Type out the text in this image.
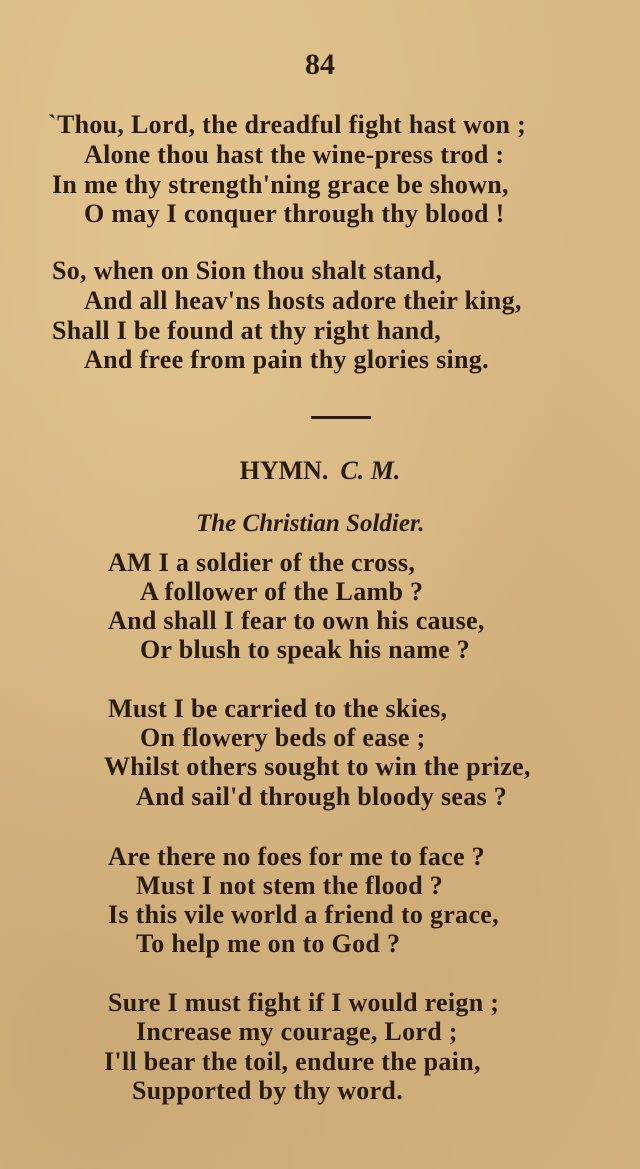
84
`Thou, Lord, the dreadful fight hast won ;
Alone thou hast the wine-press trod :
In me thy strength'ning grace be shown,
O may I conquer through thy blood !
So, when on Sion thou shalt stand,
And all heav'ns hosts adore their king,
Shall I be found at thy right hand,
And free from pain thy glories sing.
HYMN. C. M.
The Christian Soldier.
AM I a soldier of the cross,
A follower of the Lamb ?
And shall I fear to own his cause,
Or blush to speak his name ?
Must I be carried to the skies,
On flowery beds of ease ;
Whilst others sought to win the prize,
And sail'd through bloody seas ?
Are there no foes for me to face ?
Must I not stem the flood ?
Is this vile world a friend to grace,
To help me on to God ?
Sure I must fight if I would reign ;
Increase my courage, Lord ;
I'll bear the toil, endure the pain,
Supported by thy word.
